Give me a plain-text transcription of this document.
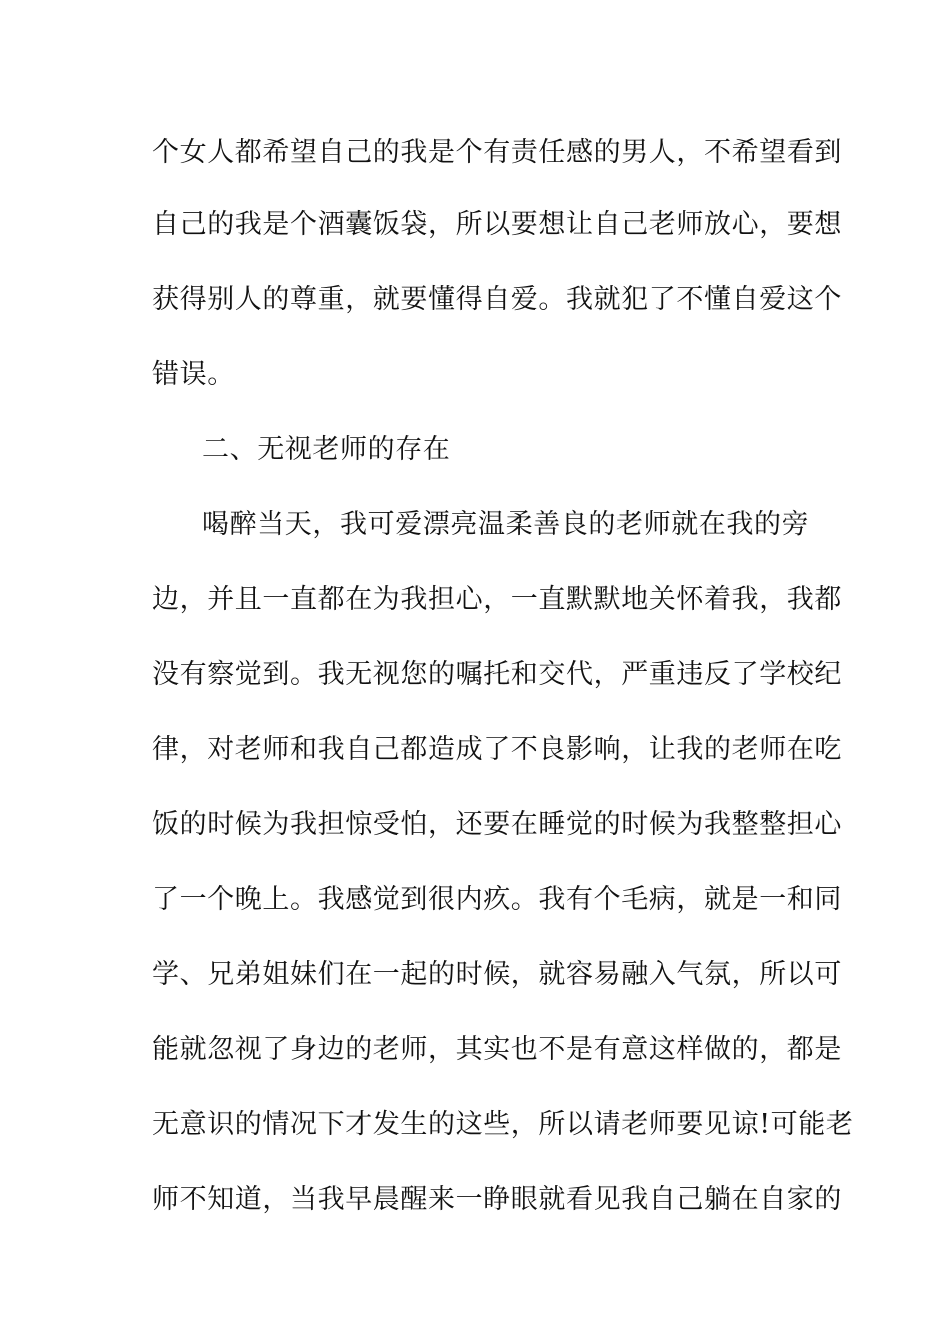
个女人都希望自己的我是个有责任感的男人，不希望看到
自己的我是个酒囊饭袋，所以要想让自己老师放心，要想
获得别人的尊重，就要懂得自爱。我就犯了不懂自爱这个
错误。
二、无视老师的存在
喝醉当天，我可爱漂亮温柔善良的老师就在我的旁
边，并且一直都在为我担心，一直默默地关怀着我，我都
没有察觉到。我无视您的嘱托和交代，严重违反了学校纪
律，对老师和我自己都造成了不良影响，让我的老师在吃
饭的时候为我担惊受怕，还要在睡觉的时候为我整整担心
了一个晚上。我感觉到很内疚。我有个毛病，就是一和同
学、兄弟姐妹们在一起的时候，就容易融入气氛，所以可
能就忽视了身边的老师，其实也不是有意这样做的，都是
无意识的情况下才发生的这些，所以请老师要见谅!可能老
师不知道，当我早晨醒来一睁眼就看见我自己躺在自家的
